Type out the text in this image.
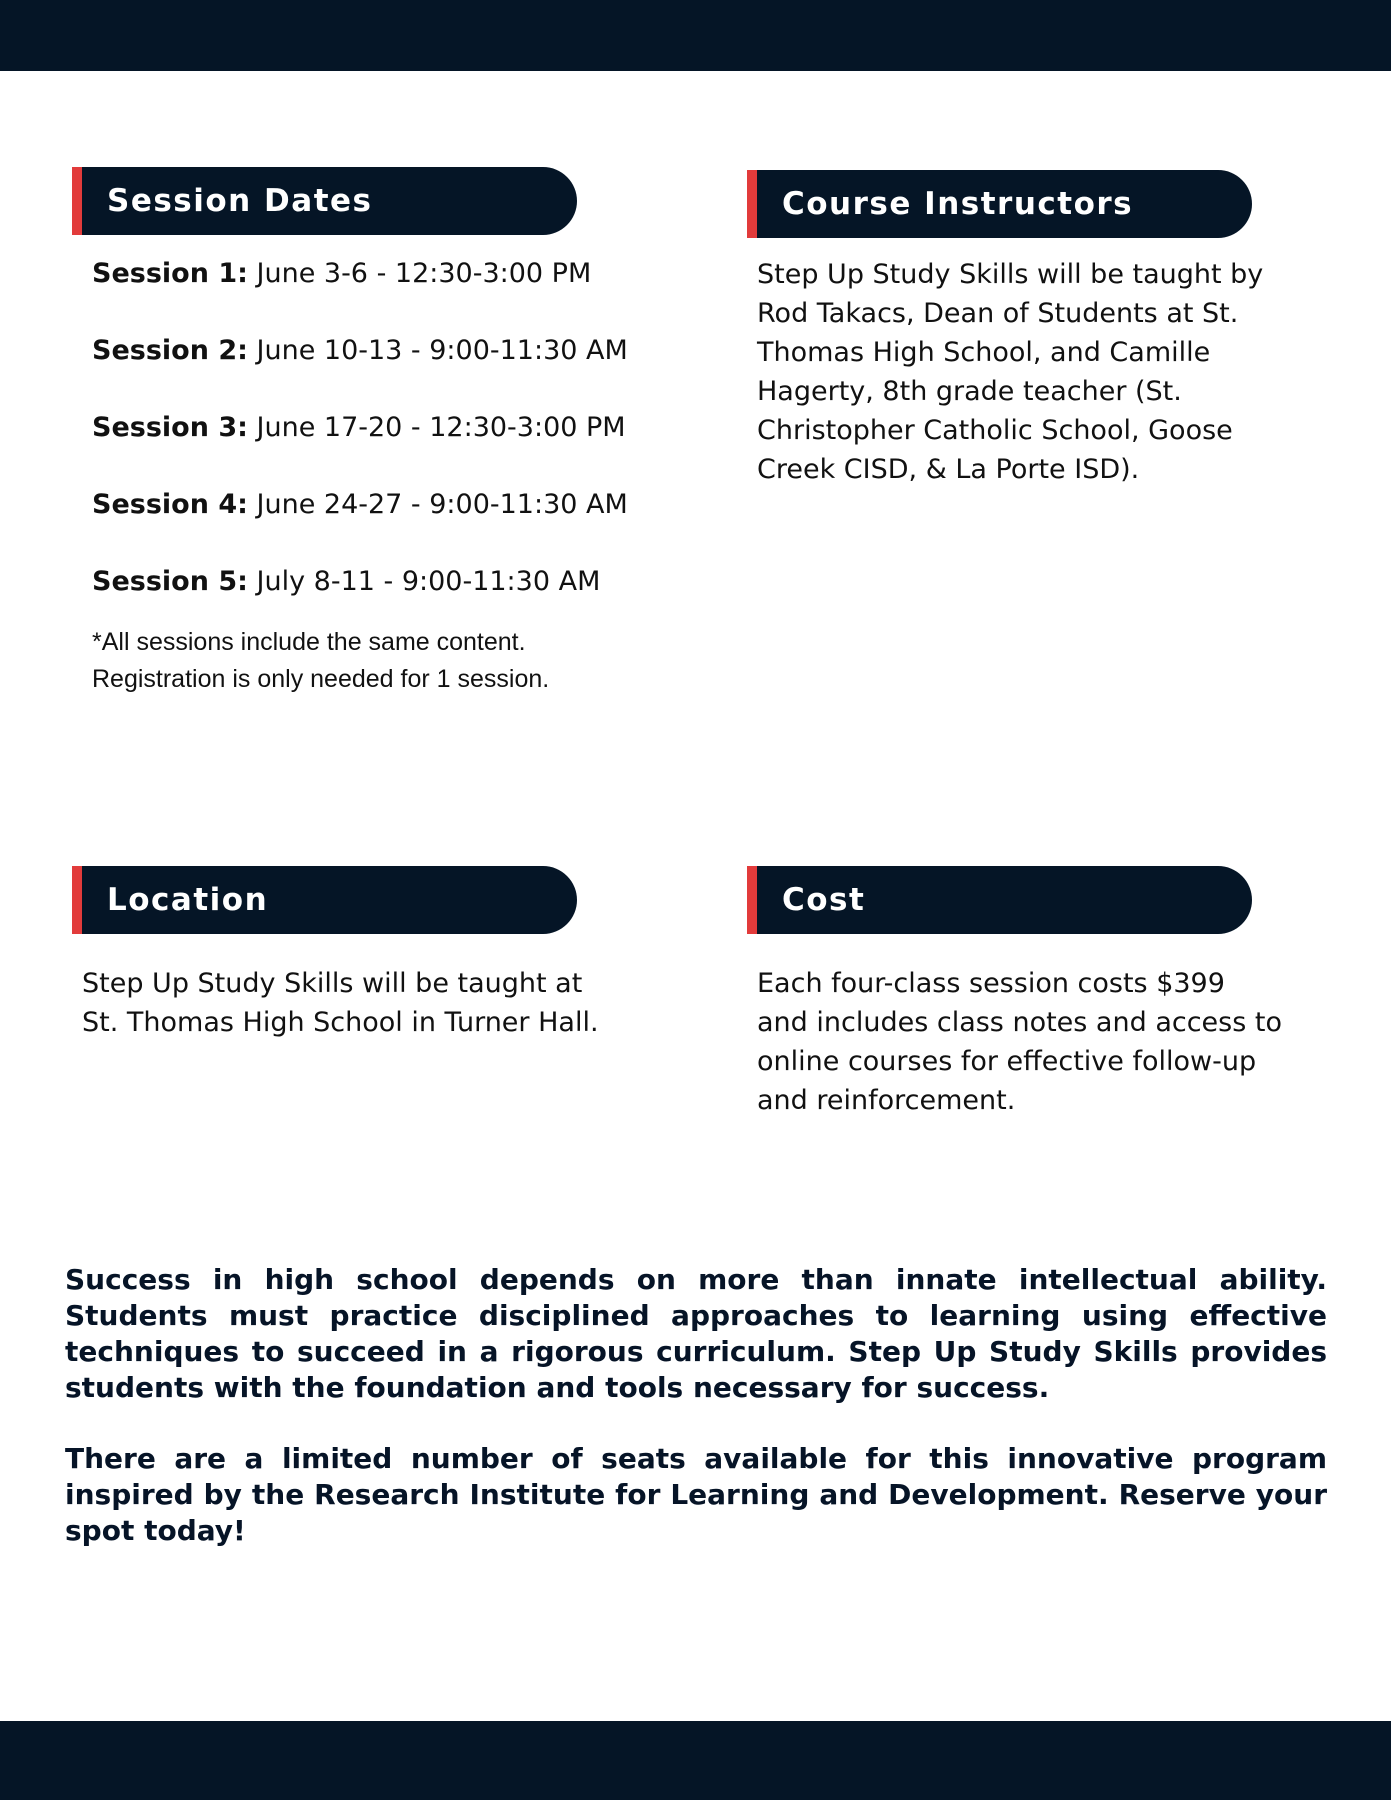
Session Dates
Session 1: June 3-6 - 12:30-3:00 PM
Session 2: June 10-13 - 9:00-11:30 AM
Session 3: June 17-20 - 12:30-3:00 PM
Session 4: June 24-27 - 9:00-11:30 AM
Session 5: July 8-11 - 9:00-11:30 AM
*All sessions include the same content.
Registration is only needed for 1 session.
Course Instructors
Step Up Study Skills will be taught by Rod Takacs, Dean of Students at St. Thomas High School, and Camille Hagerty, 8th grade teacher (St. Christopher Catholic School, Goose Creek CISD, & La Porte ISD).
Location
Step Up Study Skills will be taught at St. Thomas High School in Turner Hall.
Cost
Each four-class session costs $399 and includes class notes and access to online courses for effective follow-up and reinforcement.

Success in high school depends on more than innate intellectual ability. Students must practice disciplined approaches to learning using effective techniques to succeed in a rigorous curriculum. Step Up Study Skills provides students with the foundation and tools necessary for success.

There are a limited number of seats available for this innovative program inspired by the Research Institute for Learning and Development. Reserve your spot today!
